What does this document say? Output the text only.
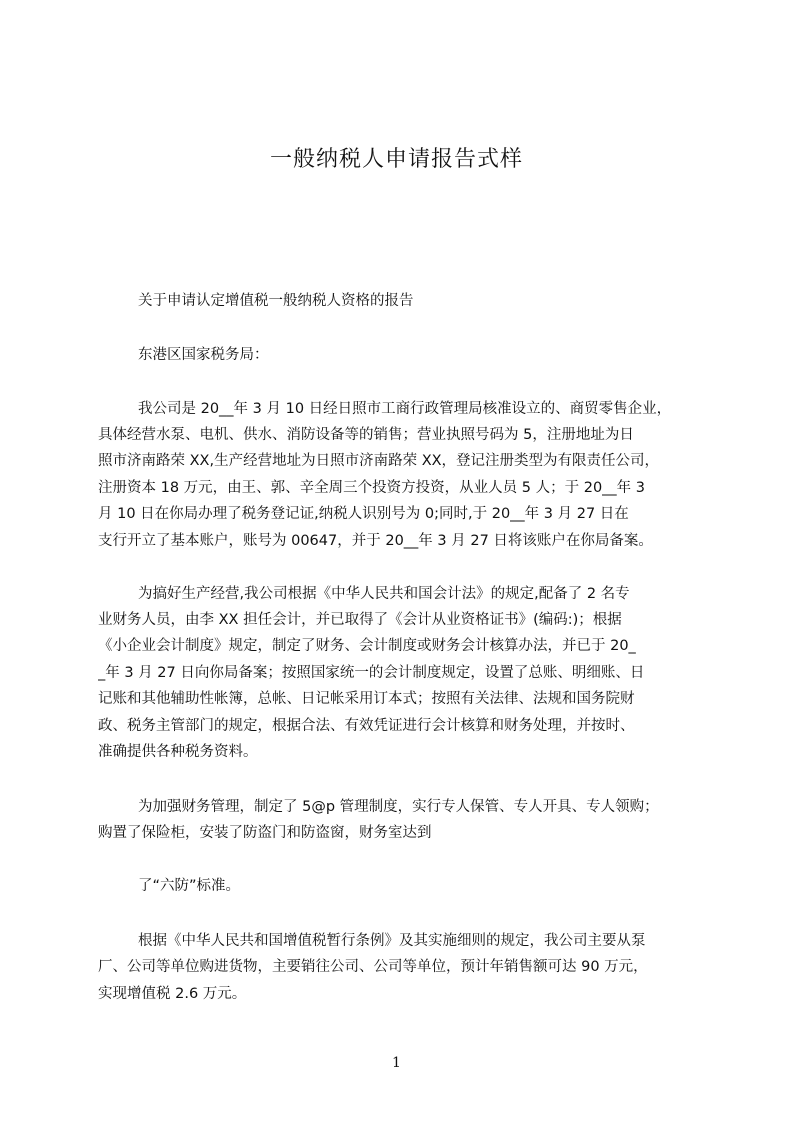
一般纳税人申请报告式样

关于申请认定增值税一般纳税人资格的报告

东港区国家税务局：

我公司是 20__年 3 月 10 日经日照市工商行政管理局核准设立的、商贸零售企业，

具体经营水泵、电机、供水、消防设备等的销售；营业执照号码为 5，注册地址为日

照市济南路荣 XX,生产经营地址为日照市济南路荣 XX，登记注册类型为有限责任公司，

注册资本 18 万元，由王、郭、辛全周三个投资方投资，从业人员 5 人；于 20__年 3

月 10 日在你局办理了税务登记证,纳税人识别号为 0;同时,于 20__年 3 月 27 日在

支行开立了基本账户，账号为 00647，并于 20__年 3 月 27 日将该账户在你局备案。

为搞好生产经营,我公司根据《中华人民共和国会计法》的规定,配备了 2 名专

业财务人员，由李 XX 担任会计，并已取得了《会计从业资格证书》(编码:)；根据

《小企业会计制度》规定，制定了财务、会计制度或财务会计核算办法，并已于 20_

_年 3 月 27 日向你局备案；按照国家统一的会计制度规定，设置了总账、明细账、日

记账和其他辅助性帐簿，总帐、日记帐采用订本式；按照有关法律、法规和国务院财

政、税务主管部门的规定，根据合法、有效凭证进行会计核算和财务处理，并按时、

准确提供各种税务资料。

为加强财务管理，制定了 5@p 管理制度，实行专人保管、专人开具、专人领购；

购置了保险柜，安装了防盗门和防盗窗，财务室达到

了“六防”标准。

根据《中华人民共和国增值税暂行条例》及其实施细则的规定，我公司主要从泵

厂、公司等单位购进货物，主要销往公司、公司等单位，预计年销售额可达 90 万元，

实现增值税 2.6 万元。

1
